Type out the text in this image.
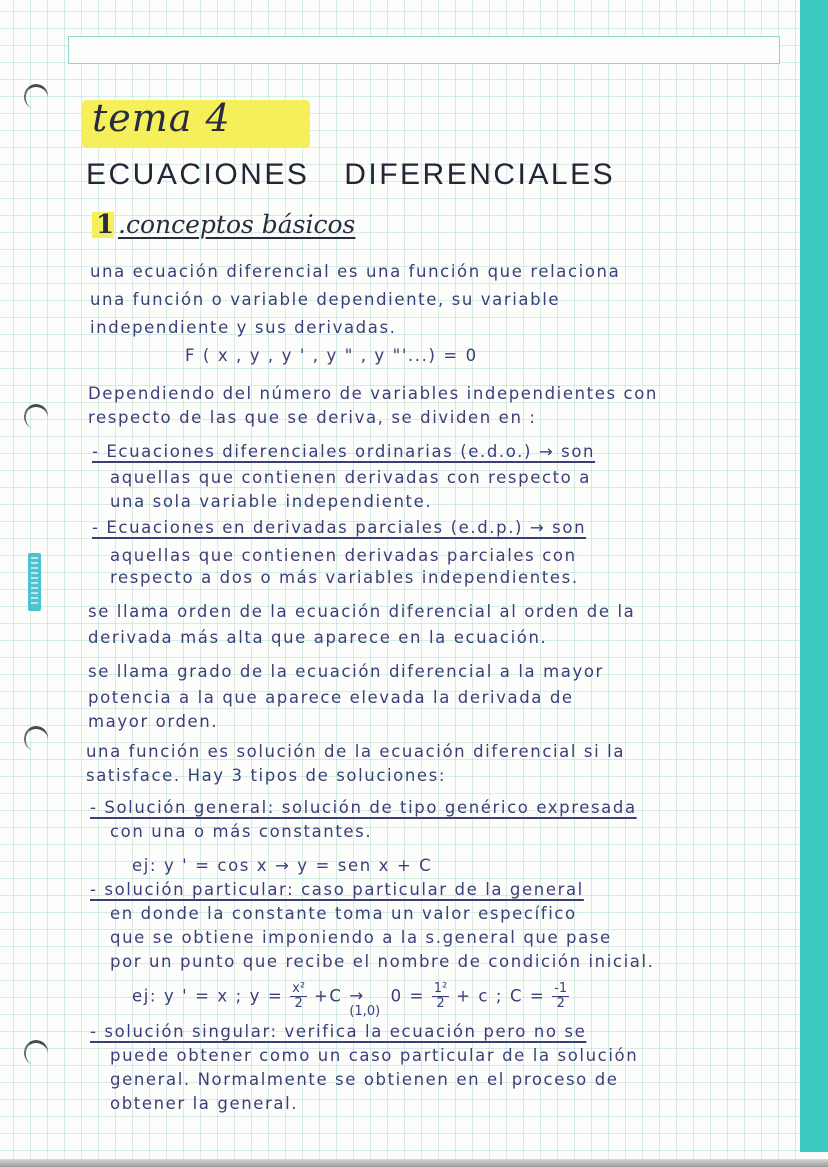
tema 4
ECUACIONES DIFERENCIALES
1 .conceptos básicos
una ecuación diferencial es una función que relaciona
una función o variable dependiente, su variable
independiente y sus derivadas.
F ( x , y , y ' , y " , y "'...) = 0
Dependiendo del número de variables independientes con
respecto de las que se deriva, se dividen en :
- Ecuaciones diferenciales ordinarias (e.d.o.) → son
aquellas que contienen derivadas con respecto a
una sola variable independiente.
- Ecuaciones en derivadas parciales (e.d.p.) → son
aquellas que contienen derivadas parciales con
respecto a dos o más variables independientes.
se llama orden de la ecuación diferencial al orden de la
derivada más alta que aparece en la ecuación.
se llama grado de la ecuación diferencial a la mayor
potencia a la que aparece elevada la derivada de
mayor orden.
una función es solución de la ecuación diferencial si la
satisface. Hay 3 tipos de soluciones:
- Solución general: solución de tipo genérico expresada
con una o más constantes.
ej: y ' = cos x → y = sen x + C
- solución particular: caso particular de la general
en donde la constante toma un valor específico
que se obtiene imponiendo a la s.general que pase
por un punto que recibe el nombre de condición inicial.
ej: y ' = x ; $y = \frac{\text{x²}}{2} +C$ →
(1,0)
$0 = \frac{\text{1²}}{2} + c$ ; $C = \frac{-1}{2}$
- solución singular: verifica la ecuación pero no se
puede obtener como un caso particular de la solución
general. Normalmente se obtienen en el proceso de
obtener la general.
